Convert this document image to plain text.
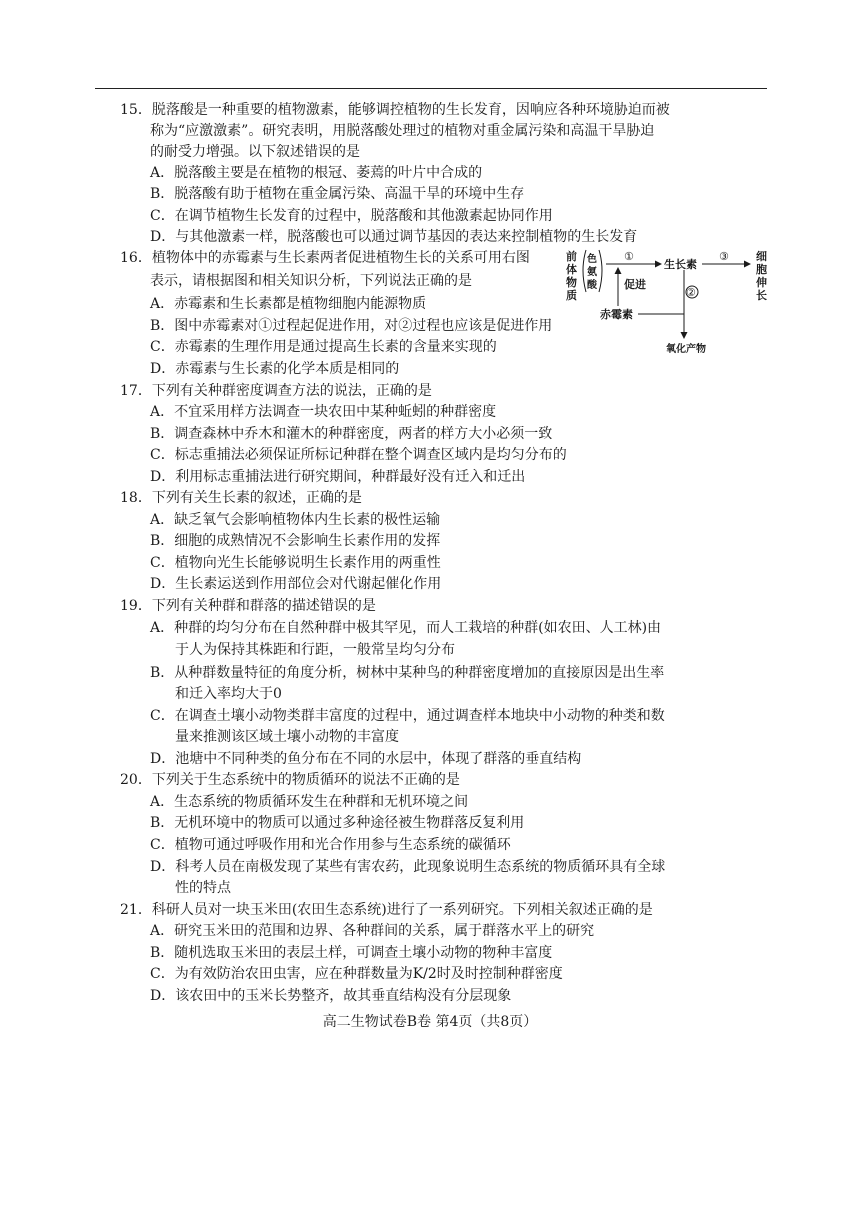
15．脱落酸是一种重要的植物激素，能够调控植物的生长发育，因响应各种环境胁迫而被
称为“应激激素”。研究表明，用脱落酸处理过的植物对重金属污染和高温干旱胁迫
的耐受力增强。以下叙述错误的是
A．脱落酸主要是在植物的根冠、萎蔫的叶片中合成的
B．脱落酸有助于植物在重金属污染、高温干旱的环境中生存
C．在调节植物生长发育的过程中，脱落酸和其他激素起协同作用
D．与其他激素一样，脱落酸也可以通过调节基因的表达来控制植物的生长发育
16．植物体中的赤霉素与生长素两者促进植物生长的关系可用右图
表示，请根据图和相关知识分析，下列说法正确的是
A．赤霉素和生长素都是植物细胞内能源物质
B．图中赤霉素对①过程起促进作用，对②过程也应该是促进作用
C．赤霉素的生理作用是通过提高生长素的含量来实现的
D．赤霉素与生长素的化学本质是相同的
17．下列有关种群密度调查方法的说法，正确的是
A．不宜采用样方法调查一块农田中某种蚯蚓的种群密度
B．调查森林中乔木和灌木的种群密度，两者的样方大小必须一致
C．标志重捕法必须保证所标记种群在整个调查区域内是均匀分布的
D．利用标志重捕法进行研究期间，种群最好没有迁入和迁出
18．下列有关生长素的叙述，正确的是
A．缺乏氧气会影响植物体内生长素的极性运输
B．细胞的成熟情况不会影响生长素作用的发挥
C．植物向光生长能够说明生长素作用的两重性
D．生长素运送到作用部位会对代谢起催化作用
19．下列有关种群和群落的描述错误的是
A．种群的均匀分布在自然种群中极其罕见，而人工栽培的种群(如农田、人工林)由
于人为保持其株距和行距，一般常呈均匀分布
B．从种群数量特征的角度分析，树林中某种鸟的种群密度增加的直接原因是出生率
和迁入率均大于0
C．在调查土壤小动物类群丰富度的过程中，通过调查样本地块中小动物的种类和数
量来推测该区域土壤小动物的丰富度
D．池塘中不同种类的鱼分布在不同的水层中，体现了群落的垂直结构
20．下列关于生态系统中的物质循环的说法不正确的是
A．生态系统的物质循环发生在种群和无机环境之间
B．无机环境中的物质可以通过多种途径被生物群落反复利用
C．植物可通过呼吸作用和光合作用参与生态系统的碳循环
D．科考人员在南极发现了某些有害农药，此现象说明生态系统的物质循环具有全球
性的特点
21．科研人员对一块玉米田(农田生态系统)进行了一系列研究。下列相关叙述正确的是
A．研究玉米田的范围和边界、各种群间的关系，属于群落水平上的研究
B．随机选取玉米田的表层土样，可调查土壤小动物的物种丰富度
C．为有效防治农田虫害，应在种群数量为K/2时及时控制种群密度
D．该农田中的玉米长势整齐，故其垂直结构没有分层现象
前
体
物
质
色
氨
酸
①
生长素
③ 细
胞
伸
长
促进
赤霉素
②
氧化产物
高二生物试卷B卷 第4页（共8页）
